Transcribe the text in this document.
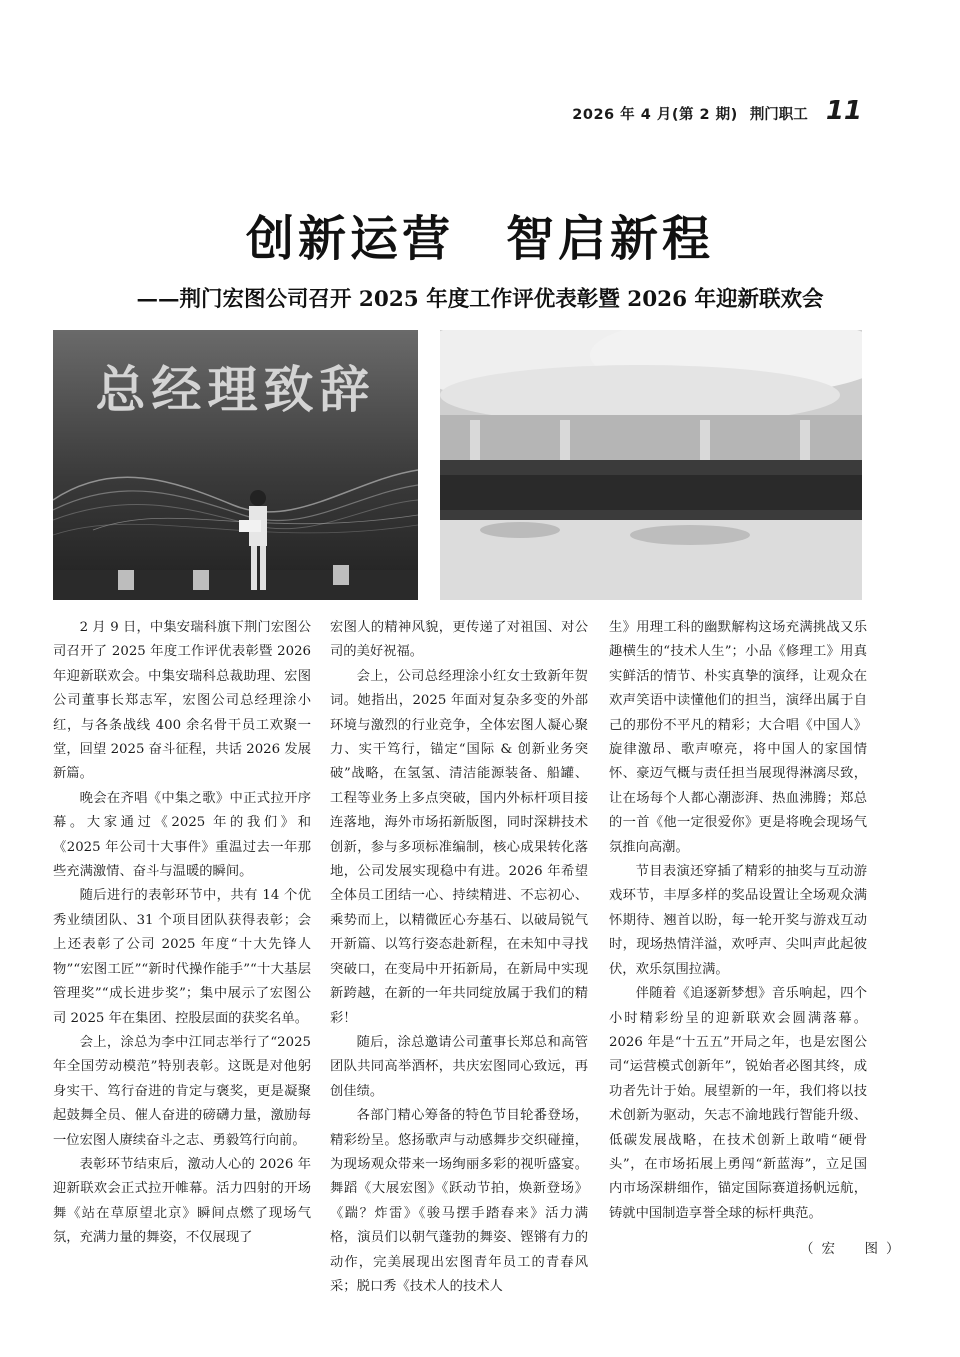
2026 年 4 月(第 2 期) 荆门职工 11
创新运营　智启新程
——荆门宏图公司召开 2025 年度工作评优表彰暨 2026 年迎新联欢会
总经理致辞

2 月 9 日，中集安瑞科旗下荆门宏图公司召开了 2025 年度工作评优表彰暨 2026 年迎新联欢会。中集安瑞科总裁助理、宏图公司董事长郑志军，宏图公司总经理涂小红，与各条战线 400 余名骨干员工欢聚一堂，回望 2025 奋斗征程，共话 2026 发展新篇。

晚会在齐唱《中集之歌》中正式拉开序幕。大家通过《2025 年的我们》和《2025 年公司十大事件》重温过去一年那些充满激情、奋斗与温暖的瞬间。

随后进行的表彰环节中，共有 14 个优秀业绩团队、31 个项目团队获得表彰；会上还表彰了公司 2025 年度“十大先锋人物”“宏图工匠”“新时代操作能手”“十大基层管理奖”“成长进步奖”；集中展示了宏图公司 2025 年在集团、控股层面的获奖名单。

会上，涂总为李中江同志举行了“2025 年全国劳动模范”特别表彰。这既是对他躬身实干、笃行奋进的肯定与褒奖，更是凝聚起鼓舞全员、催人奋进的磅礴力量，激励每一位宏图人赓续奋斗之志、勇毅笃行向前。

表彰环节结束后，激动人心的 2026 年迎新联欢会正式拉开帷幕。活力四射的开场舞《站在草原望北京》瞬间点燃了现场气氛，充满力量的舞姿，不仅展现了

宏图人的精神风貌，更传递了对祖国、对公司的美好祝福。

会上，公司总经理涂小红女士致新年贺词。她指出，2025 年面对复杂多变的外部环境与激烈的行业竞争，全体宏图人凝心聚力、实干笃行，锚定“国际 & 创新业务突破”战略，在氢氢、清洁能源装备、船罐、工程等业务上多点突破，国内外标杆项目接连落地，海外市场拓新版图，同时深耕技术创新，参与多项标准编制，核心成果转化落地，公司发展实现稳中有进。2026 年希望全体员工团结一心、持续精进、不忘初心、乘势而上，以精微匠心夯基石、以破局锐气开新篇、以笃行姿态赴新程，在未知中寻找突破口，在变局中开拓新局，在新局中实现新跨越，在新的一年共同绽放属于我们的精彩！

随后，涂总邀请公司董事长郑总和高管团队共同高举酒杯，共庆宏图同心致远，再创佳绩。

各部门精心筹备的特色节目轮番登场，精彩纷呈。悠扬歌声与动感舞步交织碰撞，为现场观众带来一场绚丽多彩的视听盛宴。舞蹈《大展宏图》《跃动节拍，焕新登场》《踹？炸雷》《骏马摆手踏春来》活力满格，演员们以朝气蓬勃的舞姿、铿锵有力的动作，完美展现出宏图青年员工的青春风采；脱口秀《技术人的技术人

生》用理工科的幽默解构这场充满挑战又乐趣横生的“技术人生”；小品《修理工》用真实鲜活的情节、朴实真挚的演绎，让观众在欢声笑语中读懂他们的担当，演绎出属于自己的那份不平凡的精彩；大合唱《中国人》旋律激昂、歌声嘹亮，将中国人的家国情怀、豪迈气概与责任担当展现得淋漓尽致，让在场每个人都心潮澎湃、热血沸腾；郑总的一首《他一定很爱你》更是将晚会现场气氛推向高潮。

节目表演还穿插了精彩的抽奖与互动游戏环节，丰厚多样的奖品设置让全场观众满怀期待、翘首以盼，每一轮开奖与游戏互动时，现场热情洋溢，欢呼声、尖叫声此起彼伏，欢乐氛围拉满。

伴随着《追逐新梦想》音乐响起，四个小时精彩纷呈的迎新联欢会圆满落幕。2026 年是“十五五”开局之年，也是宏图公司“运营模式创新年”，锐始者必图其终，成功者先计于始。展望新的一年，我们将以技术创新为驱动，矢志不渝地践行智能升级、低碳发展战略，在技术创新上敢啃“硬骨头”，在市场拓展上勇闯“新蓝海”，立足国内市场深耕细作，锚定国际赛道扬帆远航，铸就中国制造享誉全球的标杆典范。

（宏　图）
